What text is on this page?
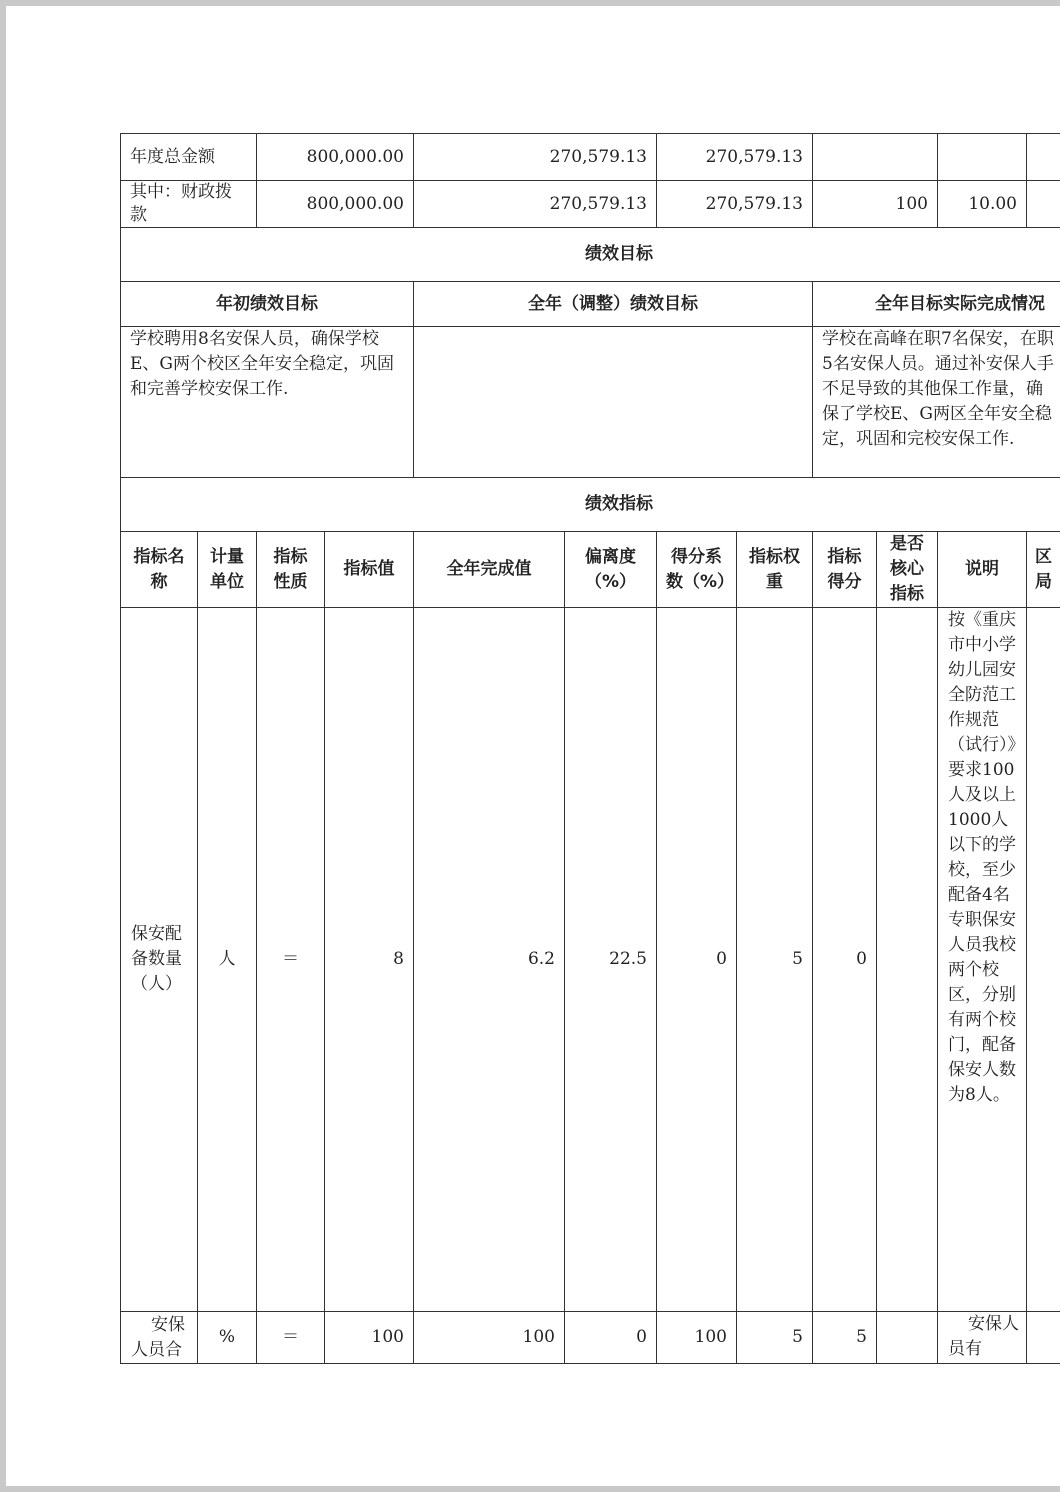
年度总金额		800,000.00		270,579.13		270,579.13					
其中：财政拨款		800,000.00		270,579.13		270,579.13		100		10.00	

绩效目标											

年初绩效目标				全年（调整）绩效目标				全年目标实际完成情况			
学校聘用8名安保人员，确保学校E、G两个校区全年安全稳定，巩固和完善学校安保工作.								学校在高峰在职7名保安，在职5名安保人员。通过补安保人手不足导致的其他保工作量，确保了学校E、G两区全年安全稳定，巩固和完校安保工作.			

绩效指标											

指标名称	计量单位	指标性质	指标值	全年完成值	偏离度（%）	得分系数（%）	指标权重	指标得分	是否核心指标	说明	区局

保安配备数量（人）	人	＝	8	6.2	22.5	0	5	0		按《重庆市中小学幼儿园安全防范工作规范（试行）》要求100人及以上1000人以下的学校，至少配备4名专职保安人员我校两个校区，分别有两个校门，配备保安人数为8人。	

安保人员合	%	＝	100	100	0	100	5	5		安保人员有	
